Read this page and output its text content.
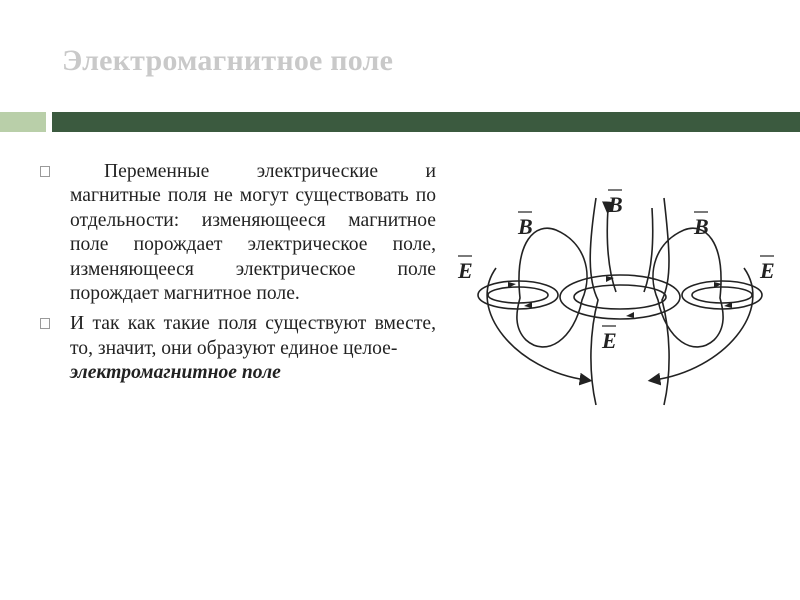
Электромагнитное поле

Переменные электрические и магнитные поля не могут существовать по отдельности: изменяющееся магнитное поле порождает электрическое поле, изменяющееся электрическое поле порождает магнитное поле.

И так как такие поля существуют вместе, то, значит, они образуют единое целое-
электромагнитное поле

B
B	B
E	E
E
